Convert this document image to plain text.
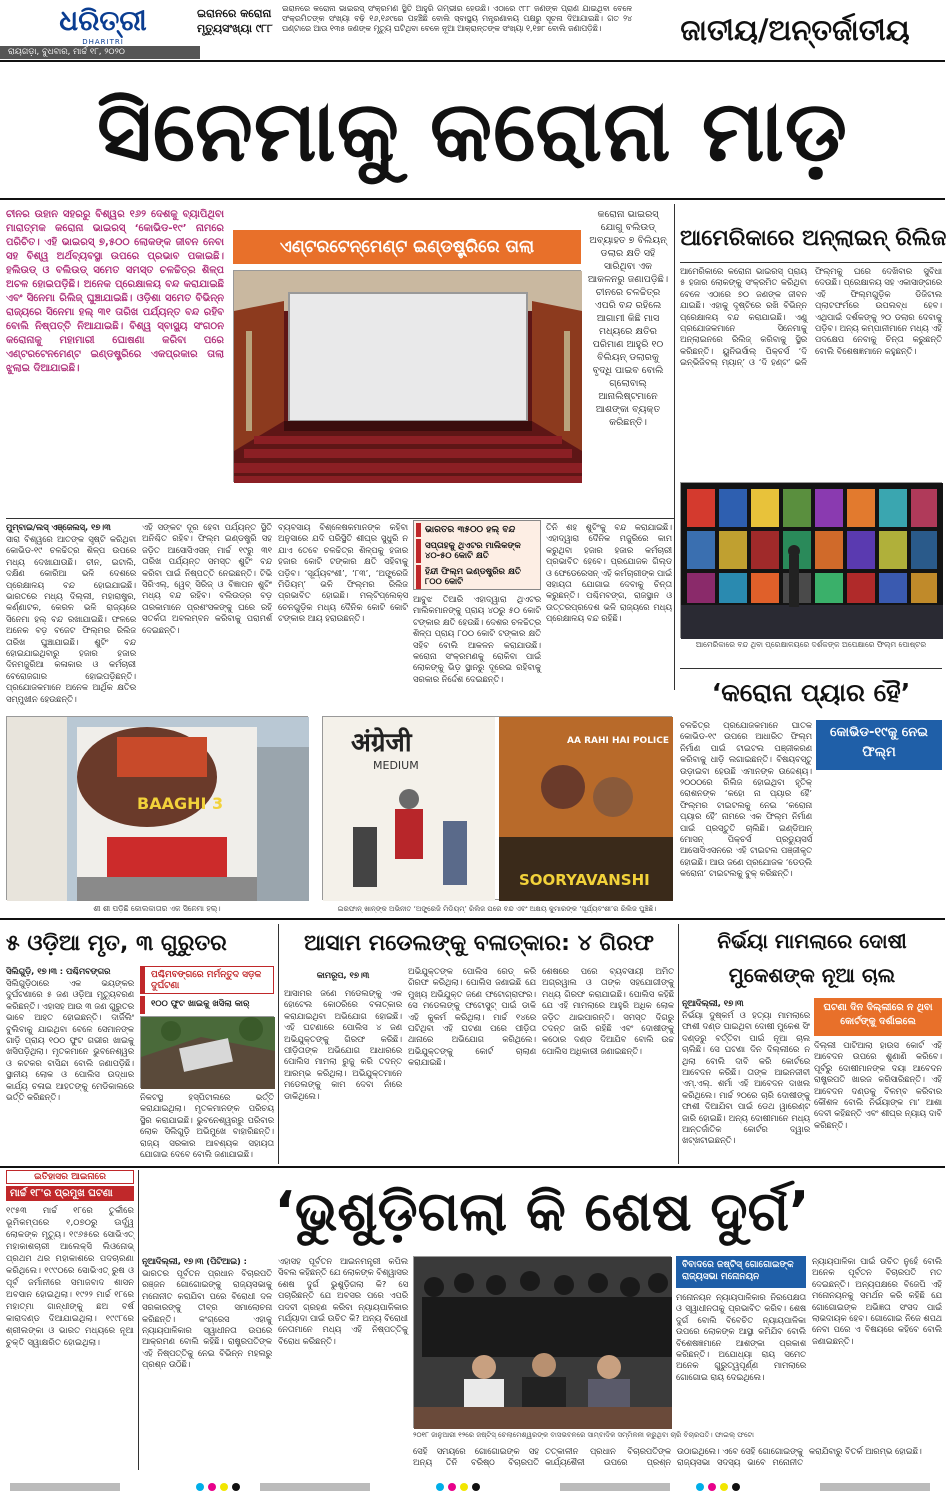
ଧରିତ୍ରୀ
DHARITRI
ରାୟଗଡ଼ା, ବୁଧବାର, ମାର୍ଚ୍ଚ ୧୮, ୨୦୨୦
ଇରାନରେ କରୋନା
ମୃତ୍ୟୁସଂଖ୍ୟା ୯୮୮
ଇରାନରେ କରୋନା ଭାଇରସ୍ ସଂକ୍ରମଣ ସ୍ଥିତି ଆହୁରି ଗମ୍ଭୀର ହେଉଛି। ଏଠାରେ ୯୮୮ ଜଣଙ୍କ ପ୍ରାଣ ଯାଇଥିବା ବେଳେ ସଂକ୍ରମିତଙ୍କ ସଂଖ୍ୟା ବଢ଼ି ୧୬,୧୬୯ରେ ପହଞ୍ଚିଛି ବୋଲି ସ୍ବାସ୍ଥ୍ୟ ମନ୍ତ୍ରଣାଳୟ ପକ୍ଷରୁ ସୂଚନା ଦିଆଯାଇଛି। ଗତ ୨୪ ଘଣ୍ଟାରେ ଆଉ ୧୩୫ ଜଣଙ୍କ ମୃତ୍ୟୁ ଘଟିଥିବା ବେଳେ ନୂଆ ଆକ୍ରାନ୍ତଙ୍କ ସଂଖ୍ୟା ୧,୧୭୮ ବୋଲି ଜଣାପଡ଼ିଛି।	ଜାତୀୟ/ଅନ୍ତର୍ଜାତୀୟ
ସିନେମାକୁ କରୋନା ମାଡ଼
ଚୀନର ଉହାନ ସହରରୁ ବିଶ୍ୱର ୧୬୨ ଦେଶକୁ ବ୍ୟାପିଥିବା ମାରାତ୍ମକ କରୋନା ଭାଇରସ୍ ‘କୋଭିଡ-୧୯’ ନାମରେ ପରିଚିତ। ଏହି ଭାଇରସ୍ ୭,୫୦୦ ଲୋକଙ୍କ ଜୀବନ ନେବା ସହ ବିଶ୍ୱ ଅର୍ଥବ୍ୟବସ୍ଥା ଉପରେ ପ୍ରଭାବ ପକାଇଛି। ହଲିଉଡ୍ ଓ ବଲିଉଡ୍ ସମେତ ସମସ୍ତ ଚଳଚ୍ଚିତ୍ର ଶିଳ୍ପ ଅଚଳ ହୋଇପଡ଼ିଛି। ଅନେକ ପ୍ରେକ୍ଷାଳୟ ବନ୍ଦ କରାଯାଇଛି ଏବଂ ସିନେମା ରିଲିଜ୍ ଘୁଞ୍ଚାଯାଇଛି। ଓଡ଼ିଶା ସମେତ ବିଭିନ୍ନ ରାଜ୍ୟରେ ସିନେମା ହଲ୍ ୩୧ ତାରିଖ ପର୍ଯ୍ୟନ୍ତ ବନ୍ଦ ରହିବ ବୋଲି ନିଷ୍ପତ୍ତି ନିଆଯାଇଛି। ବିଶ୍ୱ ସ୍ବାସ୍ଥ୍ୟ ସଂଗଠନ କରୋନାକୁ ମହାମାରୀ ଘୋଷଣା କରିବା ପରେ ଏଣ୍ଟରଟେନମେଣ୍ଟ ଇଣ୍ଡଷ୍ଟ୍ରିରେ ଏକପ୍ରକାର ତାଲା ଝୁଲାଇ ଦିଆଯାଇଛି।
ଏଣ୍ଟରଟେନ୍‌ମେଣ୍ଟ ଇଣ୍ଡଷ୍ଟ୍ରିରେ ତାଲା
କରୋନା ଭାଇରସ୍ ଯୋଗୁ ବଲିଉଡ୍ ଅବ୍ୟାହତ ୭ ବିଲିୟନ୍ ଡଲାର କ୍ଷତି ସହି ସାରିଥିବା ଏକ ଆକଳନରୁ ଜଣାପଡ଼ିଛି। ଚୀନରେ ଚଳଚ୍ଚିତ୍ର ଏପରି ବନ୍ଦ ରହିଲେ ଆଗାମୀ କିଛି ମାସ ମଧ୍ୟରେ କ୍ଷତିର ପରିମାଣ ଆହୁରି ୧୦ ବିଲିୟନ୍ ଡଲାରକୁ ବୃଦ୍ଧି ପାଇବ ବୋଲି ଗ୍ଲୋବାଲ୍ ଆନାଲିଷ୍ଟମାନେ ଆଶଙ୍କା ବ୍ୟକ୍ତ କରିଛନ୍ତି।
ଆମେରିକାରେ ଅନ୍‌ଲାଇନ୍ ରିଲିଜ
ଆମେରିକାରେ କରୋନା ଭାଇରସ୍ ପ୍ରାୟ ୫ ହଜାର ଲୋକଙ୍କୁ ସଂକ୍ରମିତ କରିଥିବା ବେଳେ ଏଠାରେ ୭୦ ଜଣଙ୍କ ଜୀବନ ଯାଇଛି। ଏହାକୁ ଦୃଷ୍ଟିରେ ରଖି ବିଭିନ୍ନ ପ୍ରେକ୍ଷାଳୟ ବନ୍ଦ କରାଯାଇଛି। ଏଣୁ ପ୍ରଯୋଜକମାନେ ସିନେମାକୁ ଅନ୍‌ଲାଇନରେ ରିଲିଜ୍ କରିବାକୁ ସ୍ଥିର କରିଛନ୍ତି। ୟୁନିଭର୍ସାଲ୍ ପିକ୍ଚର୍ସ ‘ଦି ଇନ୍‌ଭିଜିବଲ୍ ମ୍ୟାନ୍’ ଓ ‘ଦି ହଣ୍ଟ’ ଭଳି ଫିଲ୍ମକୁ ଘରେ ଦେଖିବାର ସୁବିଧା ଦେଉଛି। ପ୍ରେକ୍ଷାଳୟ ସହ ଏକାସାଙ୍ଗରେ ଏହି ଫିଲ୍ମଗୁଡ଼ିକ ଡିଜିଟାଲ ପ୍ଲାଟଫର୍ମରେ ଉପଲବ୍ଧ ହେବ। ଏଥିପାଇଁ ଦର୍ଶକଙ୍କୁ ୨୦ ଡଲାର ଦେବାକୁ ପଡ଼ିବ। ଅନ୍ୟ କମ୍ପାନୀମାନେ ମଧ୍ୟ ଏହି ପଦକ୍ଷେପ ନେବାକୁ ଚିନ୍ତା କରୁଛନ୍ତି ବୋଲି ବିଶେଷଜ୍ଞମାନେ କହୁଛନ୍ତି।
ଆମେରିକାରେ ବନ୍ଦ ଥିବା ପ୍ରେକ୍ଷାଳୟରେ ଦର୍ଶକଙ୍କ ଅପେକ୍ଷାରେ ଫିଲ୍ମ ପୋଷ୍ଟର
ମୁମ୍ବାଇ/ଲସ୍ ଏଞ୍ଜେଲସ୍, ୧୭।୩
ସାରା ବିଶ୍ୱରେ ଆତଙ୍କ ସୃଷ୍ଟି କରିଥିବା କୋଭିଡ-୧୯ ଚଳଚ୍ଚିତ୍ର ଶିଳ୍ପ ଉପରେ ମଧ୍ୟ ଦେଖାଯାଉଛି। ଚୀନ, ଇଟାଲି, ଦକ୍ଷିଣ କୋରିଆ ଭଳି ଦେଶରେ ପ୍ରେକ୍ଷାଳୟ ବନ୍ଦ ହୋଇଯାଇଛି। ଭାରତରେ ମଧ୍ୟ ଦିଲ୍ଲୀ, ମହାରାଷ୍ଟ୍ର, କର୍ଣ୍ଣାଟକ, କେରଳ ଭଳି ରାଜ୍ୟରେ ସିନେମା ହଲ୍ ବନ୍ଦ ରଖାଯାଇଛି। ଫଳରେ ଅନେକ ବଡ଼ ବଜେଟ ଫିଲ୍ମର ରିଲିଜ ତାରିଖ ଘୁଞ୍ଚାଯାଇଛି। ଶୁଟିଂ ବନ୍ଦ ହୋଇଯାଇଥିବାରୁ ହଜାର ହଜାର ଦିନମଜୁରିଆ କଳାକାର ଓ କର୍ମଚାରୀ ବେରୋଜଗାର ହୋଇପଡ଼ିଛନ୍ତି। ପ୍ରଯୋଜକମାନେ ଅନେକ ଆର୍ଥିକ କ୍ଷତିର ସମ୍ମୁଖୀନ ହେଉଛନ୍ତି।
ଏହି ସଙ୍କଟ ଦୂର ହେବା ପର୍ଯ୍ୟନ୍ତ ସ୍ଥିତି ଅନିଶ୍ଚିତ ରହିବ। ଫିଲ୍ମ ଇଣ୍ଡଷ୍ଟ୍ରି ସହ ଜଡ଼ିତ ଆସୋସିଏସନ୍ ମାର୍ଚ୍ଚ ୧୯ରୁ ୩୧ ତାରିଖ ପର୍ଯ୍ୟନ୍ତ ସମସ୍ତ ଶୁଟିଂ ବନ୍ଦ କରିବା ପାଇଁ ନିଷ୍ପତ୍ତି ନେଇଛନ୍ତି। ଟିଭି ସିରିଏଲ୍, ୱେବ୍ ସିରିଜ୍ ଓ ବିଜ୍ଞାପନ ଶୁଟିଂ ମଧ୍ୟ ବନ୍ଦ ରହିବ। ବଲିଉଡ୍‌ର ବଡ଼ ତାରକାମାନେ ପ୍ରଶଂସକଙ୍କୁ ଘରେ ରହି ସତର୍କତା ଅବଲମ୍ବନ କରିବାକୁ ପରାମର୍ଶ ଦେଇଛନ୍ତି।
ବ୍ୟବସାୟ ବିଶ୍ଳେଷକମାନଙ୍କ କହିବା ଅନୁସାରେ ଯଦି ପରିସ୍ଥିତି ଶୀଘ୍ର ସୁଧୁରି ନ ଯାଏ ତେବେ ଚଳଚ୍ଚିତ୍ର ଶିଳ୍ପକୁ ହଜାର ହଜାର କୋଟି ଟଙ୍କାର କ୍ଷତି ସହିବାକୁ ପଡ଼ିବ। ‘ସୂର୍ଯ୍ୟବଂଶୀ’, ‘୮୩’, ‘ଅଙ୍ଗ୍ରେଜି ମିଡିୟମ୍’ ଭଳି ଫିଲ୍ମର ରିଲିଜ ପ୍ରଭାବିତ ହୋଇଛି। ମଲ୍ଟିପ୍ଲେକ୍ସ ଚେନଗୁଡ଼ିକ ମଧ୍ୟ ଦୈନିକ କୋଟି କୋଟି ଟଙ୍କାର ଆୟ ହରାଉଛନ୍ତି।
ଭାରତର ୩୫୦୦ ହଲ୍ ବନ୍ଦ
ସପ୍ତାହକୁ ଥିଏଟର ମାଲିକଙ୍କ ୪୦-୫୦ କୋଟି କ୍ଷତି
ହିନ୍ଦୀ ଫିଲ୍ମ ଇଣ୍ଡଷ୍ଟ୍ରିର କ୍ଷତି ୮୦୦ କୋଟି
ଆବୁଝ ତିଆରି ଏହାଦ୍ୱାରା ଥିଏଟର ମାଲିକମାନଙ୍କୁ ପ୍ରାୟ ୪୦ରୁ ୫୦ କୋଟି ଟଙ୍କାର କ୍ଷତି ହେଉଛି। ଦେଶର ଚଳଚ୍ଚିତ୍ର ଶିଳ୍ପ ପ୍ରାୟ ୮୦୦ କୋଟି ଟଙ୍କାର କ୍ଷତି ସହିବ ବୋଲି ଆକଳନ କରାଯାଉଛି। କରୋନା ସଂକ୍ରମଣକୁ ରୋକିବା ପାଇଁ ଲୋକଙ୍କୁ ଭିଡ଼ ସ୍ଥାନରୁ ଦୂରେଇ ରହିବାକୁ ସରକାର ନିର୍ଦ୍ଦେଶ ଦେଇଛନ୍ତି।
ତିନି ଶହ ଶୁଟିଂକୁ ବନ୍ଦ କରାଯାଇଛି। ଏହାଦ୍ୱାରା ଦୈନିକ ମଜୁରିରେ କାମ କରୁଥିବା ହଜାର ହଜାର କର୍ମଚାରୀ ପ୍ରଭାବିତ ହେବେ। ପ୍ରଯୋଜକ ଗିଲ୍ଡ ଓ ଫେଡେରେସନ୍ ଏହି କର୍ମଚାରୀଙ୍କ ପାଇଁ ସହାୟତା ଯୋଗାଇ ଦେବାକୁ ଚିନ୍ତା କରୁଛନ୍ତି। ପଶ୍ଚିମବଙ୍ଗ, ରାଜସ୍ଥାନ ଓ ଉତ୍ତରପ୍ରଦେଶ ଭଳି ରାଜ୍ୟରେ ମଧ୍ୟ ପ୍ରେକ୍ଷାଳୟ ବନ୍ଦ ରହିଛି।
‘କରୋନା ପ୍ୟାର ହୈ’
କୋଭିଡ-୧୯କୁ ନେଇ ଫିଲ୍ମ
ଚଳଚ୍ଚିତ୍ର ପ୍ରଯୋଜକମାନେ ଘାତକ କୋଭିଡ-୧୯ ଉପରେ ଆଧାରିତ ଫିଲ୍ମ ନିର୍ମାଣ ପାଇଁ ଟାଇଟଲ ପଞ୍ଜୀକରଣ କରିବାକୁ ଧାଡ଼ି ଲଗାଇଛନ୍ତି। ବିଷୟବସ୍ତୁ ଉଡ଼ାଇବା ହେଉଛି ଏମାନଙ୍କ ଉଦ୍ଦେଶ୍ୟ। ୨୦୦୦ରେ ରିଲିଜ ହୋଇଥିବା ହୃତିକ୍ ରୋଶନଙ୍କ ‘କହୋ ନା ପ୍ୟାର ହୈ’ ଫିଲ୍ମର ଟାଇଟଲକୁ ନେଇ ‘କରୋନା ପ୍ୟାର ହୈ’ ନାମରେ ଏକ ଫିଲ୍ମ ନିର୍ମାଣ ପାଇଁ ପ୍ରସ୍ତୁତି ଚାଲିଛି। ଇଣ୍ଡିଆନ୍ ମୋସନ୍ ପିକ୍ଚର୍ସ ପ୍ରଡ୍ୟୁସର୍ସ ଆସୋସିଏସନରେ ଏହି ଟାଇଟଲ ପଞ୍ଜୀକୃତ ହୋଇଛି। ଆଉ ଜଣେ ପ୍ରଯୋଜକ ‘ଡେଡ୍‌ଲି କରୋନା’ ଟାଇଟଲକୁ ବୁକ୍ କରିଛନ୍ତି।
BAAGHI 3
अंग्रेजी
MEDIUM
AA RAHI HAI POLICE
SOORYAVANSHI
ଶୀ ଶୀ ପଡ଼ିଛି କୋଲକାତାର ଏକ ସିନେମା ହଲ୍।	ଇରଫାନ୍ ଖାନ୍‌ଙ୍କ ଅଭିନୀତ ‘ଅଙ୍ଗ୍ରେଜି ମିଡିୟମ୍’ ରିଲିଜ ପରେ ବନ୍ଦ ଏବଂ ଅକ୍ଷୟ କୁମାରଙ୍କ ‘ସୂର୍ଯ୍ୟବଂଶୀ’ର ରିଲିଜ ଘୁଞ୍ଚିଛି।
୫ ଓଡ଼ିଆ ମୃତ, ୩ ଗୁରୁତର
ସିଲିଗୁଡ଼ି, ୧୭।୩ : ପଶ୍ଚିମବଙ୍ଗର
ସିଲିଗୁଡ଼ିଠାରେ ଏକ ଭୟଙ୍କର ଦୁର୍ଘଟଣାରେ ୫ ଜଣ ଓଡ଼ିଆ ମୃତ୍ୟୁବରଣ କରିଛନ୍ତି। ଏହାସହ ଆଉ ୩ ଜଣ ଗୁରୁତର ଭାବେ ଆହତ ହୋଇଛନ୍ତି। ଦାର୍ଜିଲିଂ ବୁଲିବାକୁ ଯାଇଥିବା ବେଳେ ସେମାନଙ୍କ ଗାଡ଼ି ପ୍ରାୟ ୧୦୦ ଫୁଟ ଗଭୀର ଖାଇକୁ ଖସିପଡ଼ିଥିଲା। ମୃତକମାନେ ଭୁବନେଶ୍ୱର ଓ କଟକର ବାସିନ୍ଦା ବୋଲି ଜଣାପଡ଼ିଛି। ସ୍ଥାନୀୟ ଲୋକ ଓ ପୋଲିସ ଉଦ୍ଧାର କାର୍ଯ୍ୟ ଚଳାଇ ଆହତଙ୍କୁ ମେଡିକାଲରେ ଭର୍ତ୍ତି କରିଛନ୍ତି।
ପଶ୍ଚିମବଙ୍ଗରେ ମର୍ମନ୍ତୁଦ ସଡ଼କ ଦୁର୍ଘଟଣା
୧୦୦ ଫୁଟ ଖାଇକୁ ଖସିଲା କାର୍
ନିକଟସ୍ଥ ହସ୍ପିଟାଲରେ ଭର୍ତ୍ତି କରାଯାଇଥିଲା। ମୃତକମାନଙ୍କ ପରିଚୟ ସ୍ଥିର କରାଯାଇଛି। ଭୁବନେଶ୍ୱରରୁ ପରିବାର ଲୋକ ସିଲିଗୁଡ଼ି ଅଭିମୁଖେ ବାହାରିଛନ୍ତି। ରାଜ୍ୟ ସରକାର ଆବଶ୍ୟକ ସହାୟତା ଯୋଗାଇ ଦେବେ ବୋଲି ଜଣାଯାଇଛି।
ଆସାମ ମଡେଲଙ୍କୁ ବଳାତ୍କାର: ୪ ଗିରଫ
କାମରୂପ, ୧୭।୩
ଆସାମର ଜଣେ ମଡେଲଙ୍କୁ ଏକ ହୋଟେଲ କୋଠରିରେ ବଳାତ୍କାର କରାଯାଇଥିବା ଅଭିଯୋଗ ହୋଇଛି। ଏହି ଘଟଣାରେ ପୋଲିସ ୪ ଜଣ ଅଭିଯୁକ୍ତଙ୍କୁ ଗିରଫ କରିଛି। ପୀଡ଼ିତାଙ୍କ ଅଭିଯୋଗ ଆଧାରରେ ପୋଲିସ ମାମଲା ରୁଜୁ କରି ତଦନ୍ତ ଆରମ୍ଭ କରିଥିଲା। ଅଭିଯୁକ୍ତମାନେ ମଡେଲଙ୍କୁ କାମ ଦେବା ନାଁରେ ଡାକିଥିଲେ।
ଅଭିଯୁକ୍ତଙ୍କ ପୋଲିସ ରେଡ୍ କରି ଗିରଫ କରିଥିଲା। ପୋଲିସ ଜଣାଇଛି ଯେ ମୁଖ୍ୟ ଅଭିଯୁକ୍ତ ଜଣେ ଫଟୋଗ୍ରାଫର। ସେ ମଡେଲଙ୍କୁ ଫଟୋସୁଟ୍ ପାଇଁ ଡାକି ଏହି କୁକର୍ମ କରିଥିଲା। ମାର୍ଚ୍ଚ ୧୪ରେ ଘଟିଥିବା ଏହି ଘଟଣା ପରେ ପୀଡ଼ିତା ଥାନାରେ ଅଭିଯୋଗ କରିଥିଲେ। ଅଭିଯୁକ୍ତଙ୍କୁ କୋର୍ଟ ଚାଲାଣ କରାଯାଇଛି।
ଶେଷରେ ପରେ ବ୍ୟବସାୟୀ ଅମିତ ଅଗ୍ରୱାଲ ଓ ତାଙ୍କ ସହଯୋଗୀଙ୍କୁ ମଧ୍ୟ ଗିରଫ କରାଯାଇଛି। ପୋଲିସ କହିଛି ଯେ ଏହି ମାମଲାରେ ଆହୁରି ଅଧିକ ଲୋକ ଜଡ଼ିତ ଥାଇପାରନ୍ତି। ସମସ୍ତ ଦିଗରୁ ତଦନ୍ତ ଜାରି ରହିଛି ଏବଂ ଦୋଷୀଙ୍କୁ କଠୋର ଦଣ୍ଡ ଦିଆଯିବ ବୋଲି ଉଚ୍ଚ ପୋଲିସ ଅଧିକାରୀ ଜଣାଇଛନ୍ତି।
ନିର୍ଭୟା ମାମଲାରେ ଦୋଷୀ
ମୁକେଶଙ୍କ ନୂଆ ଚାଲ
ନୂଆଦିଲ୍ଲୀ, ୧୭।୩
ନିର୍ଭୟା ଦୁଷ୍କର୍ମ ଓ ହତ୍ୟା ମାମଲାରେ ଫାଶୀ ଦଣ୍ଡ ପାଇଥିବା ଦୋଷୀ ମୁକେଶ ସିଂ ଦଣ୍ଡରୁ ବର୍ତ୍ତିବା ପାଇଁ ନୂଆ ଚାଲ ଚାଲିଛି। ସେ ଘଟଣା ଦିନ ଦିଲ୍ଲୀରେ ନ ଥିଲା ବୋଲି ଦାବି କରି କୋର୍ଟରେ ଆବେଦନ କରିଛି। ତାଙ୍କ ଆଇନଜୀବୀ ଏମ୍.ଏଲ୍. ଶର୍ମା ଏହି ଆବେଦନ ଦାଖଲ କରିଥିଲେ। ମାର୍ଚ୍ଚ ୨୦ରେ ଚାରି ଦୋଷୀଙ୍କୁ ଫାଶୀ ଦିଆଯିବା ପାଇଁ ଡେଥ ୱାରେଣ୍ଟ ଜାରି ହୋଇଛି। ଅନ୍ୟ ଦୋଷୀମାନେ ମଧ୍ୟ ଆନ୍ତର୍ଜାତିକ କୋର୍ଟର ଦ୍ୱାର ଖଟ୍‌ଖଟାଇଛନ୍ତି।
ଘଟଣା ଦିନ ଦିଲ୍ଲୀରେ ନ ଥିବା କୋର୍ଟଙ୍କୁ ଦର୍ଶାଇଲେ
ଦିଲ୍ଲୀ ପାଟିଆଲା ହାଉସ କୋର୍ଟ ଏହି ଆବେଦନ ଉପରେ ଶୁଣାଣି କରିବେ। ପୂର୍ବରୁ ଦୋଷୀମାନଙ୍କ ଦୟା ଆବେଦନ ରାଷ୍ଟ୍ରପତି ଖାରଜ କରିସାରିଛନ୍ତି। ଏହି ଆବେଦନ ଦଣ୍ଡକୁ ବିଳମ୍ବ କରିବାର କୌଶଳ ବୋଲି ନିର୍ଭୟାଙ୍କ ମା’ ଆଶା ଦେବୀ କହିଛନ୍ତି ଏବଂ ଶୀଘ୍ର ନ୍ୟାୟ ଦାବି କରିଛନ୍ତି।
ଇତିହାସର ଆଇନାରେ
ମାର୍ଚ୍ଚ ୧୮'ର ପ୍ରମୁଖ ଘଟଣା
୧୯୫୩ ମାର୍ଚ୍ଚ ୧୮ରେ ତୁର୍କୀରେ ଭୂମିକମ୍ପରେ ୧,୦୭୦ରୁ ଊର୍ଦ୍ଧ୍ୱ ଲୋକଙ୍କ ମୃତ୍ୟୁ। ୧୯୬୫ରେ ସୋଭିଏତ୍ ମହାକାଶଚାରୀ ଆଲେକ୍ସି ଲିଓନୋଭ୍ ପ୍ରଥମ ଥର ମହାକାଶରେ ପଦଚାରଣା କରିଥିଲେ। ୧୯୯୦ରେ ସୋଭିଏତ୍ ରୁଷ ଓ ପୂର୍ବ ଜର୍ମାନୀରେ ସମାଜବାଦ ଶାସନ ଅବସାନ ହୋଇଥିଲା। ୧୯୨୨ ମାର୍ଚ୍ଚ ୧୮ରେ ମହାତ୍ମା ଗାନ୍ଧୀଙ୍କୁ ଛଅ ବର୍ଷ କାରାଦଣ୍ଡ ଦିଆଯାଇଥିଲା। ୧୯୯୮ରେ ଶ୍ରୀଲଙ୍କା ଓ ଭାରତ ମଧ୍ୟରେ ନୂଆ ଚୁକ୍ତି ସ୍ୱାକ୍ଷରିତ ହୋଇଥିଲା।
‘ଭୁଶୁଡ଼ିଗଲା କି ଶେଷ ଦୁର୍ଗ’
ନୂଆଦିଲ୍ଲୀ, ୧୭।୩ (ପିଟିଆଇ) :
ଭାରତର ପୂର୍ବତନ ପ୍ରଧାନ ବିଚାରପତି ରଞ୍ଜନ ଗୋଗୋଇଙ୍କୁ ରାଜ୍ୟସଭାକୁ ମନୋନୀତ କରାଯିବା ପରେ ବିରୋଧୀ ଦଳ ସରକାରଙ୍କୁ ତୀବ୍ର ସମାଲୋଚନା କରିଛନ୍ତି। କଂଗ୍ରେସ ଏହାକୁ ନ୍ୟାୟପାଳିକାର ସ୍ୱାଧୀନତା ଉପରେ ଆକ୍ରମଣ ବୋଲି କହିଛି। ରାଷ୍ଟ୍ରପତିଙ୍କ ଏହି ନିଷ୍ପତ୍ତିକୁ ନେଇ ବିଭିନ୍ନ ମହଲରୁ ପ୍ରଶ୍ନ ଉଠିଛି।
ଏହାସହ ପୂର୍ବତନ ଆଇନମନ୍ତ୍ରୀ କପିଲ ସିବଲ କହିଛନ୍ତି ଯେ ଲୋକଙ୍କ ବିଶ୍ୱାସର ଶେଷ ଦୁର୍ଗ ଭୁଶୁଡ଼ିଗଲା କି? ସେ ପଚାରିଛନ୍ତି ଯେ ଅବସର ପରେ ଏପରି ପଦବୀ ଗ୍ରହଣ କରିବା ନ୍ୟାୟପାଳିକାର ମର୍ଯ୍ୟାଦା ପାଇଁ ଉଚିତ କି? ଅନ୍ୟ ବିରୋଧୀ ନେତାମାନେ ମଧ୍ୟ ଏହି ନିଷ୍ପତ୍ତିକୁ ବିରୋଧ କରିଛନ୍ତି।
୨୦୧୮ ଜାନୁଆରୀ ୧୨ରେ ଜଷ୍ଟିସ୍ ଚେଲାମେଶ୍ୱରଙ୍କ ବାସଭବନରେ ସାମ୍ବାଦିକ ସମ୍ମିଳନୀ କରୁଥିବା ଚାରି ବିଚାରପତି। ଫାଇଲ୍ ଫଟୋ
ସେହି ସମୟରେ ଗୋଗୋଇଙ୍କ ସହ ଅନ୍ୟ ତିନି ବରିଷ୍ଠ ବିଚାରପତି ତତ୍କାଳୀନ ପ୍ରଧାନ ବିଚାରପତିଙ୍କ କାର୍ଯ୍ୟଶୈଳୀ ଉପରେ ପ୍ରଶ୍ନ ଉଠାଇଥିଲେ। ଏବେ ସେହି ଗୋଗୋଇଙ୍କୁ ରାଜ୍ୟସଭା ସଦସ୍ୟ ଭାବେ ମନୋନୀତ କରାଯିବାରୁ ବିତର୍କ ଆରମ୍ଭ ହୋଇଛି।
ବିବାଦରେ ଜଷ୍ଟିସ୍ ଗୋଗୋଇଙ୍କ ରାଜ୍ୟସଭା ମନୋନୟନ
ମନୋନୟନ ନ୍ୟାୟପାଳିକାର ନିରପେକ୍ଷତା ଓ ସ୍ୱାଧୀନତାକୁ ପ୍ରଭାବିତ କରିବ। ଶେଷ ଦୁର୍ଗ ବୋଲି ବିବେଚିତ ନ୍ୟାୟପାଳିକା ଉପରେ ଲୋକଙ୍କ ଆସ୍ଥା କମିଯିବ ବୋଲି ବିଶେଷଜ୍ଞମାନେ ଆଶଙ୍କା ପ୍ରକାଶ କରିଛନ୍ତି। ଅଯୋଧ୍ୟା ରାୟ ସମେତ ଅନେକ ଗୁରୁତ୍ୱପୂର୍ଣ୍ଣ ମାମଲାରେ ଗୋଗୋଇ ରାୟ ଦେଇଥିଲେ।
ନ୍ୟାୟପାଳିକା ପାଇଁ ଉଚିତ ନୁହେଁ ବୋଲି ଅନେକ ପୂର୍ବତନ ବିଚାରପତି ମତ ଦେଇଛନ୍ତି। ଅନ୍ୟପକ୍ଷରେ ବିଜେପି ଏହି ମନୋନୟନକୁ ସମର୍ଥନ କରି କହିଛି ଯେ ଗୋଗୋଇଙ୍କ ଅଭିଜ୍ଞତା ସଂସଦ ପାଇଁ ଲାଭଦାୟକ ହେବ। ଗୋଗୋଇ ନିଜେ ଶପଥ ନେବା ପରେ ଏ ବିଷୟରେ କହିବେ ବୋଲି ଜଣାଇଛନ୍ତି।
